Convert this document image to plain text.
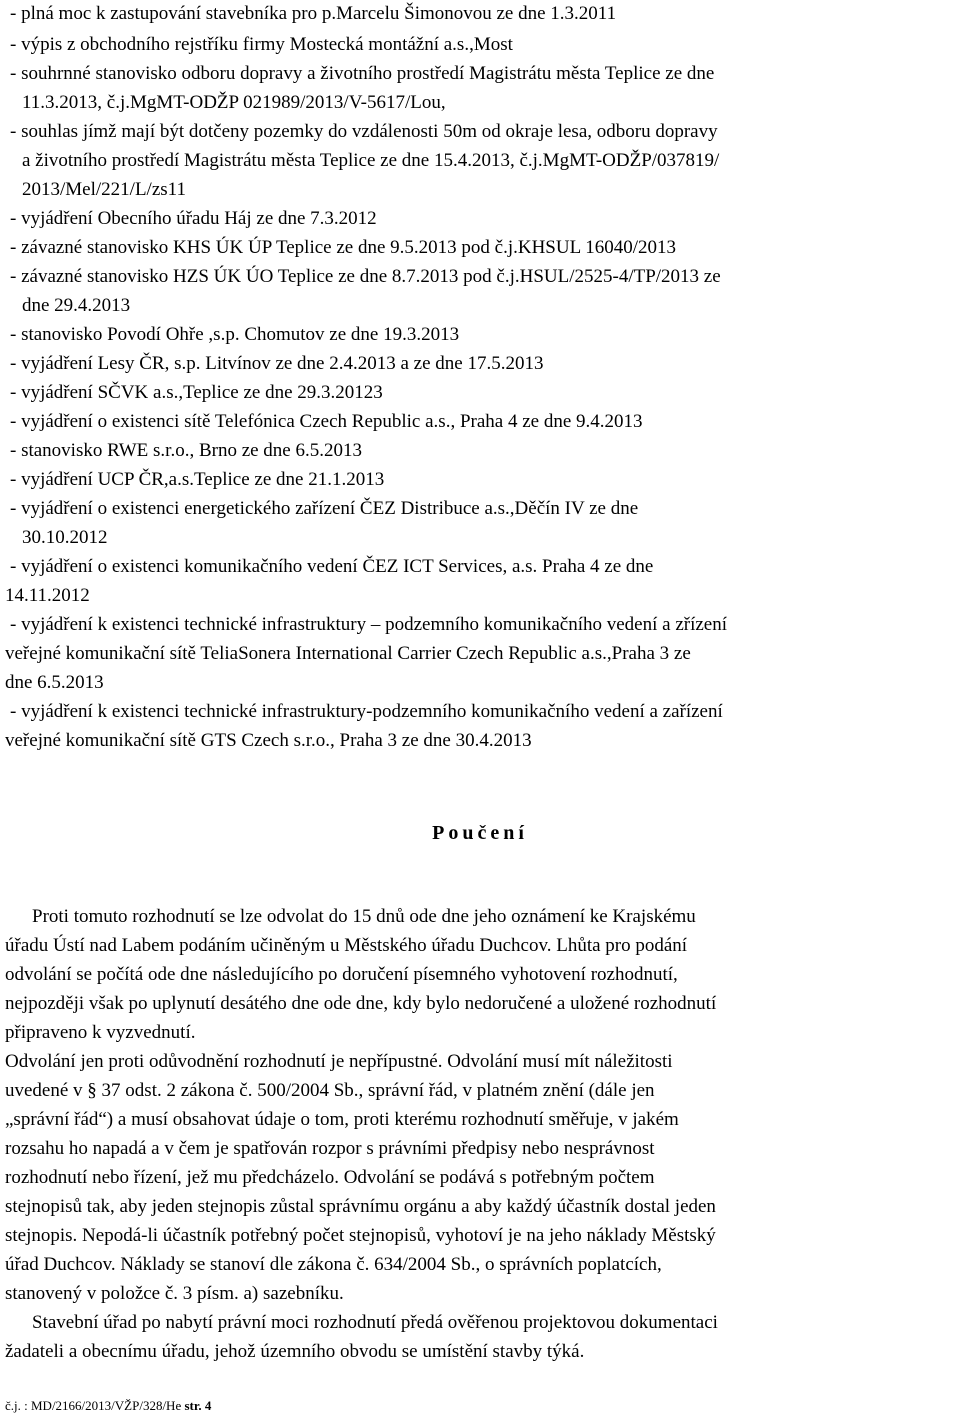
- plná moc k zastupování stavebníka pro p.Marcelu Šimonovou ze dne 1.3.2011
- výpis z obchodního rejstříku firmy Mostecká montážní a.s.,Most
- souhrnné stanovisko odboru dopravy a životního prostředí Magistrátu města Teplice ze dne
11.3.2013, č.j.MgMT-ODŽP 021989/2013/V-5617/Lou,
- souhlas jímž mají být dotčeny pozemky do vzdálenosti 50m od okraje lesa, odboru dopravy
a životního prostředí Magistrátu města Teplice ze dne 15.4.2013, č.j.MgMT-ODŽP/037819/
2013/Mel/221/L/zs11
- vyjádření Obecního úřadu Háj ze dne 7.3.2012
- závazné stanovisko KHS ÚK ÚP Teplice ze dne 9.5.2013 pod č.j.KHSUL 16040/2013
- závazné stanovisko HZS ÚK ÚO Teplice ze dne 8.7.2013 pod č.j.HSUL/2525-4/TP/2013 ze
dne 29.4.2013
- stanovisko Povodí Ohře ,s.p. Chomutov ze dne 19.3.2013
- vyjádření Lesy ČR, s.p. Litvínov ze dne 2.4.2013 a ze dne 17.5.2013
- vyjádření SČVK a.s.,Teplice ze dne 29.3.20123
- vyjádření o existenci sítě Telefónica Czech Republic a.s., Praha 4 ze dne 9.4.2013
- stanovisko RWE s.r.o., Brno ze dne 6.5.2013
- vyjádření UCP ČR,a.s.Teplice ze dne 21.1.2013
- vyjádření o existenci energetického zařízení ČEZ Distribuce a.s.,Děčín IV ze dne
30.10.2012
- vyjádření o existenci komunikačního vedení ČEZ ICT Services, a.s. Praha 4 ze dne
14.11.2012
- vyjádření k existenci technické infrastruktury – podzemního komunikačního vedení a zřízení
veřejné komunikační sítě TeliaSonera International Carrier Czech Republic a.s.,Praha 3 ze
dne 6.5.2013
- vyjádření k existenci technické infrastruktury-podzemního komunikačního vedení a zařízení
veřejné komunikační sítě GTS Czech s.r.o., Praha 3 ze dne 30.4.2013
Poučení
Proti tomuto rozhodnutí se lze odvolat do 15 dnů ode dne jeho oznámení ke Krajskému
úřadu Ústí nad Labem podáním učiněným u Městského úřadu Duchcov. Lhůta pro podání
odvolání se počítá ode dne následujícího po doručení písemného vyhotovení rozhodnutí,
nejpozději však po uplynutí desátého dne ode dne, kdy bylo nedoručené a uložené rozhodnutí
připraveno k vyzvednutí.
Odvolání jen proti odůvodnění rozhodnutí je nepřípustné. Odvolání musí mít náležitosti
uvedené v § 37 odst. 2 zákona č. 500/2004 Sb., správní řád, v platném znění (dále jen
„správní řád“) a musí obsahovat údaje o tom, proti kterému rozhodnutí směřuje, v jakém
rozsahu ho napadá a v čem je spatřován rozpor s právními předpisy nebo nesprávnost
rozhodnutí nebo řízení, jež mu předcházelo. Odvolání se podává s potřebným počtem
stejnopisů tak, aby jeden stejnopis zůstal správnímu orgánu a aby každý účastník dostal jeden
stejnopis. Nepodá-li účastník potřebný počet stejnopisů, vyhotoví je na jeho náklady Městský
úřad Duchcov. Náklady se stanoví dle zákona č. 634/2004 Sb., o správních poplatcích,
stanovený v položce č. 3 písm. a) sazebníku.
Stavební úřad po nabytí právní moci rozhodnutí předá ověřenou projektovou dokumentaci
žadateli a obecnímu úřadu, jehož územního obvodu se umístění stavby týká.
č.j. : MD/2166/2013/VŽP/328/He str. 4
